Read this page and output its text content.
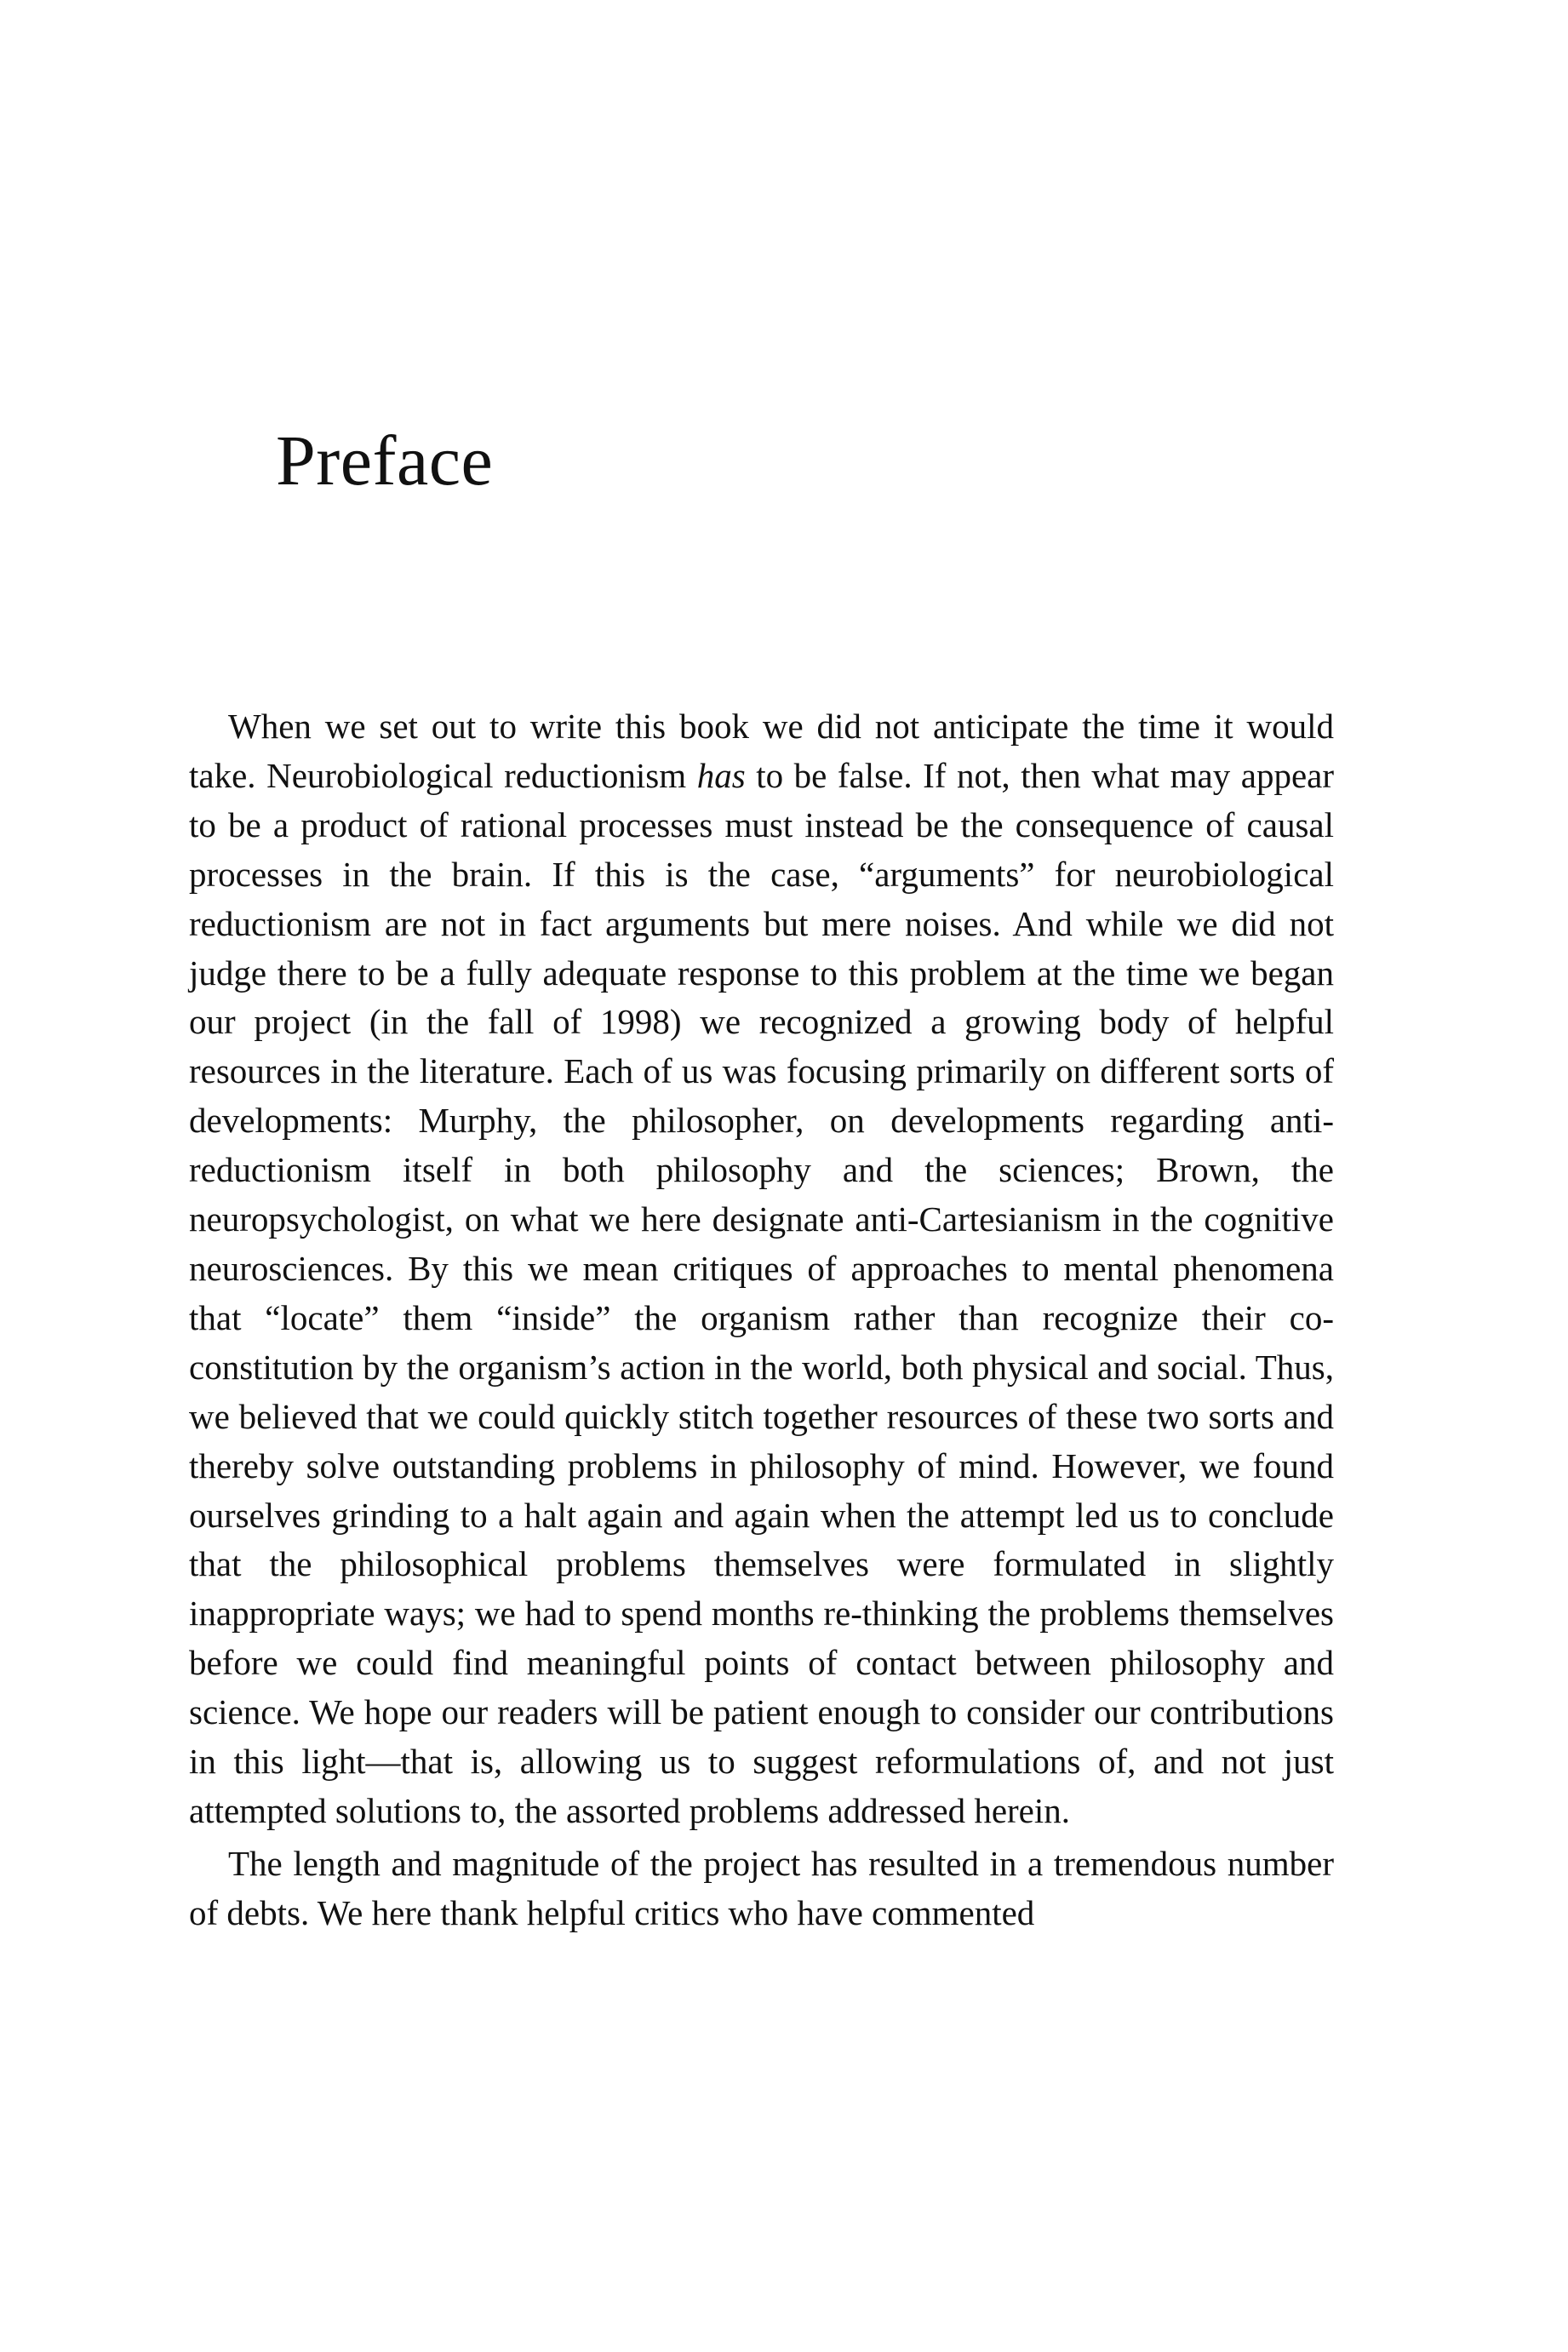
Preface

When we set out to write this book we did not anticipate the time it would take. Neurobiological reductionism has to be false. If not, then what may appear to be a product of rational processes must instead be the consequence of causal processes in the brain. If this is the case, “arguments” for neurobiological reductionism are not in fact arguments but mere noises. And while we did not judge there to be a fully adequate response to this problem at the time we began our project (in the fall of 1998) we recognized a growing body of helpful resources in the literature. Each of us was focusing primarily on different sorts of developments: Murphy, the philosopher, on developments regarding anti-reductionism itself in both philosophy and the sciences; Brown, the neuropsychologist, on what we here designate anti-Cartesianism in the cognitive neurosciences. By this we mean critiques of approaches to mental phenomena that “locate” them “inside” the organism rather than recognize their co-constitution by the organism’s action in the world, both physical and social. Thus, we believed that we could quickly stitch together resources of these two sorts and thereby solve outstanding problems in philosophy of mind. However, we found ourselves grinding to a halt again and again when the attempt led us to conclude that the philosophical problems themselves were formulated in slightly inappropriate ways; we had to spend months re-thinking the problems themselves before we could find meaningful points of contact between philosophy and science. We hope our readers will be patient enough to consider our contributions in this light—that is, allowing us to suggest reformulations of, and not just attempted solutions to, the assorted problems addressed herein.

The length and magnitude of the project has resulted in a tremendous number of debts. We here thank helpful critics who have commented
